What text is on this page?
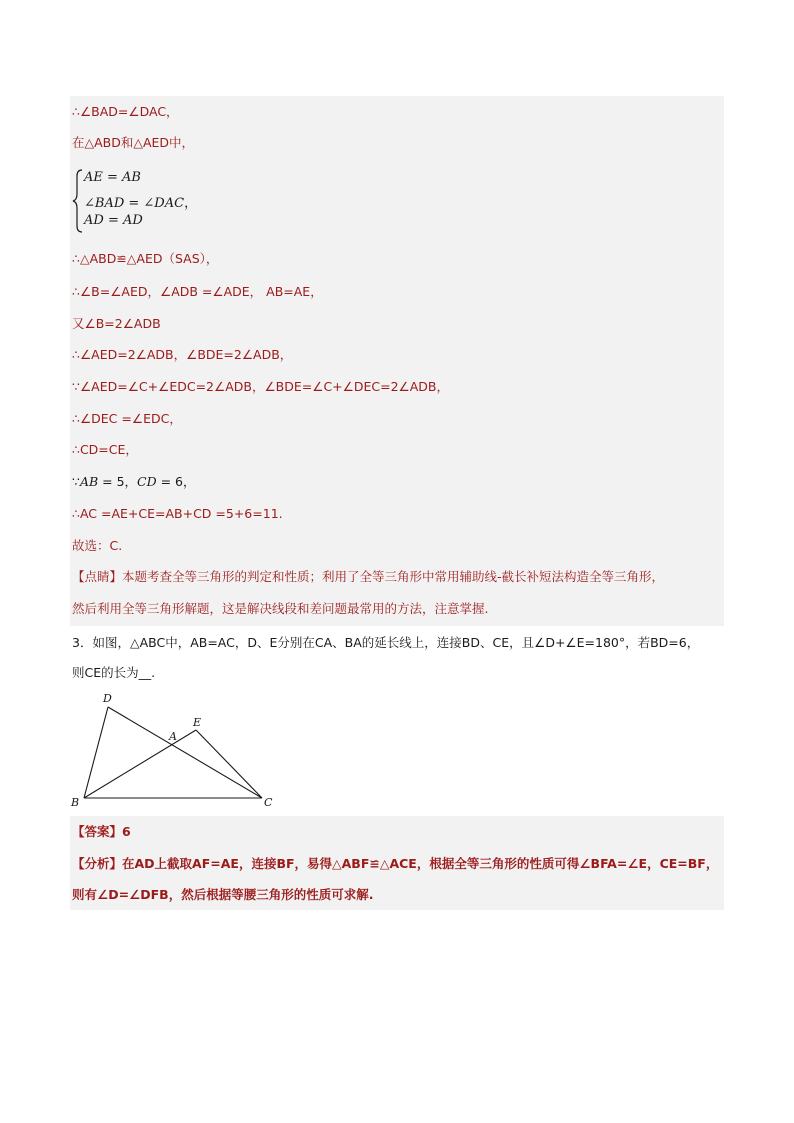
∴∠BAD=∠DAC，
在△ABD和△AED中，
AE = AB
∠BAD = ∠DAC，
AD = AD
∴△ABD≌△AED（SAS），
∴∠B=∠AED，∠ADB =∠ADE， AB=AE，
又∠B=2∠ADB
∴∠AED=2∠ADB，∠BDE=2∠ADB，
∵∠AED=∠C+∠EDC=2∠ADB，∠BDE=∠C+∠DEC=2∠ADB，
∴∠DEC =∠EDC，
∴CD=CE，
∵AB = 5，CD = 6，
∴AC =AE+CE=AB+CD =5+6=11.
故选：C.
【点睛】本题考查全等三角形的判定和性质；利用了全等三角形中常用辅助线-截长补短法构造全等三角形，
然后利用全等三角形解题，这是解决线段和差问题最常用的方法，注意掌握.
3．如图，△ABC中，AB=AC，D、E分别在CA、BA的延长线上，连接BD、CE，且∠D+∠E=180°，若BD=6，
则CE的长为__.
D
E
A
B	C
【答案】6
【分析】在AD上截取AF=AE，连接BF，易得△ABF≌△ACE，根据全等三角形的性质可得∠BFA=∠E，CE=BF，
则有∠D=∠DFB，然后根据等腰三角形的性质可求解.
